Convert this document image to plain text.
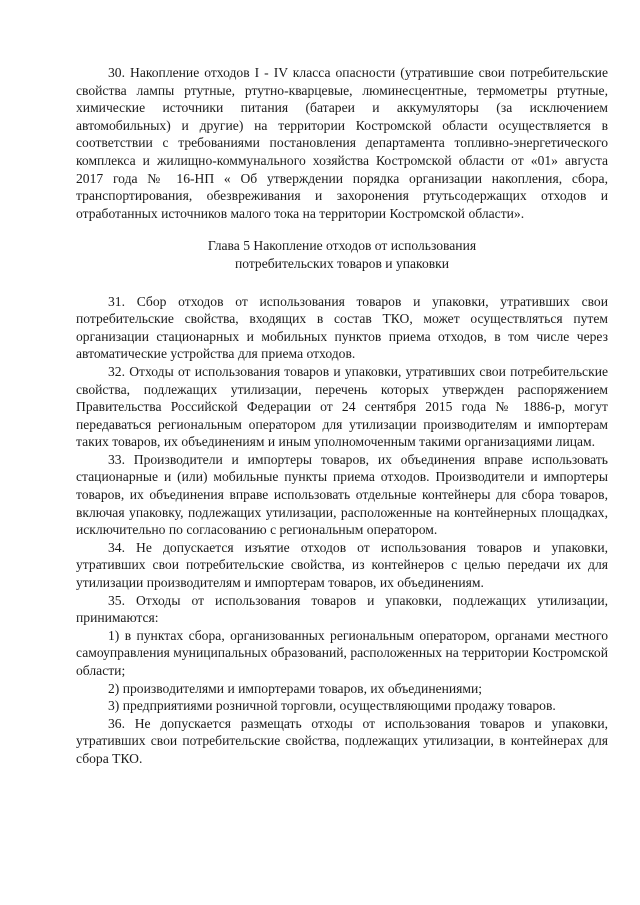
30. Накопление отходов I - IV класса опасности (утратившие свои потребительские свойства лампы ртутные, ртутно-кварцевые, люминесцентные, термометры ртутные, химические источники питания (батареи и аккумуляторы (за исключением автомобильных) и другие) на территории Костромской области осуществляется в соответствии с требованиями постановления департамента топливно-энергетического комплекса и жилищно-коммунального хозяйства Костромской области от «01» августа 2017 года № 16-НП « Об утверждении порядка организации накопления, сбора, транспортирования, обезвреживания и захоронения ртутьсодержащих отходов и отработанных источников малого тока на территории Костромской области».

Глава 5 Накопление отходов от использования
потребительских товаров и упаковки

31. Сбор отходов от использования товаров и упаковки, утративших свои потребительские свойства, входящих в состав ТКО, может осуществляться путем организации стационарных и мобильных пунктов приема отходов, в том числе через автоматические устройства для приема отходов.

32. Отходы от использования товаров и упаковки, утративших свои потребительские свойства, подлежащих утилизации, перечень которых утвержден распоряжением Правительства Российской Федерации от 24 сентября 2015 года № 1886-р, могут передаваться региональным оператором для утилизации производителям и импортерам таких товаров, их объединениям и иным уполномоченным такими организациями лицам.

33. Производители и импортеры товаров, их объединения вправе использовать стационарные и (или) мобильные пункты приема отходов. Производители и импортеры товаров, их объединения вправе использовать отдельные контейнеры для сбора товаров, включая упаковку, подлежащих утилизации, расположенные на контейнерных площадках, исключительно по согласованию с региональным оператором.

34. Не допускается изъятие отходов от использования товаров и упаковки, утративших свои потребительские свойства, из контейнеров с целью передачи их для утилизации производителям и импортерам товаров, их объединениям.

35. Отходы от использования товаров и упаковки, подлежащих утилизации, принимаются:

1) в пунктах сбора, организованных региональным оператором, органами местного самоуправления муниципальных образований, расположенных на территории Костромской области;

2) производителями и импортерами товаров, их объединениями;

3) предприятиями розничной торговли, осуществляющими продажу товаров.

36. Не допускается размещать отходы от использования товаров и упаковки, утративших свои потребительские свойства, подлежащих утилизации, в контейнерах для сбора ТКО.
